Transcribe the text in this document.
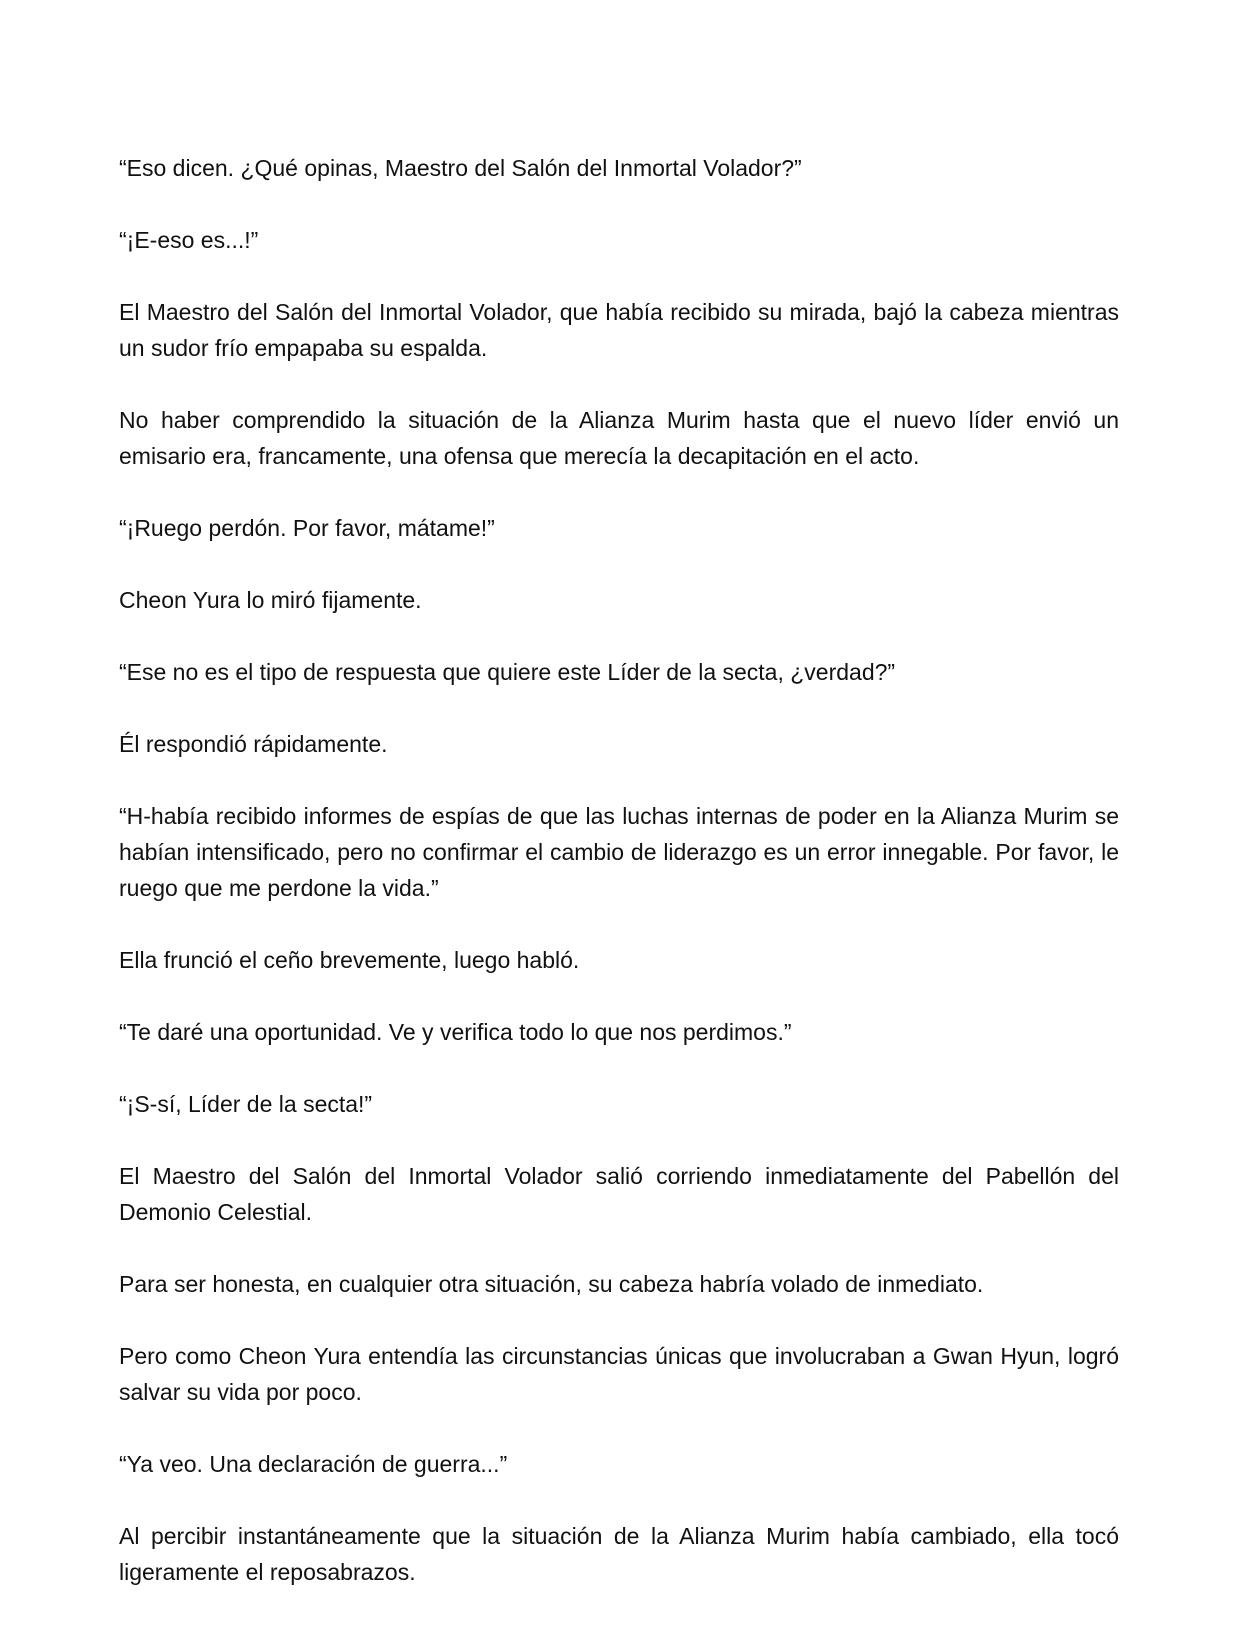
“Eso dicen. ¿Qué opinas, Maestro del Salón del Inmortal Volador?”

“¡E-eso es...!”

El Maestro del Salón del Inmortal Volador, que había recibido su mirada, bajó la cabeza mientras un sudor frío empapaba su espalda.

No haber comprendido la situación de la Alianza Murim hasta que el nuevo líder envió un emisario era, francamente, una ofensa que merecía la decapitación en el acto.

“¡Ruego perdón. Por favor, mátame!”

Cheon Yura lo miró fijamente.

“Ese no es el tipo de respuesta que quiere este Líder de la secta, ¿verdad?”

Él respondió rápidamente.

“H-había recibido informes de espías de que las luchas internas de poder en la Alianza Murim se habían intensificado, pero no confirmar el cambio de liderazgo es un error innegable. Por favor, le ruego que me perdone la vida.”

Ella frunció el ceño brevemente, luego habló.

“Te daré una oportunidad. Ve y verifica todo lo que nos perdimos.”

“¡S-sí, Líder de la secta!”

El Maestro del Salón del Inmortal Volador salió corriendo inmediatamente del Pabellón del Demonio Celestial.

Para ser honesta, en cualquier otra situación, su cabeza habría volado de inmediato.

Pero como Cheon Yura entendía las circunstancias únicas que involucraban a Gwan Hyun, logró salvar su vida por poco.

“Ya veo. Una declaración de guerra...”

Al percibir instantáneamente que la situación de la Alianza Murim había cambiado, ella tocó ligeramente el reposabrazos.
